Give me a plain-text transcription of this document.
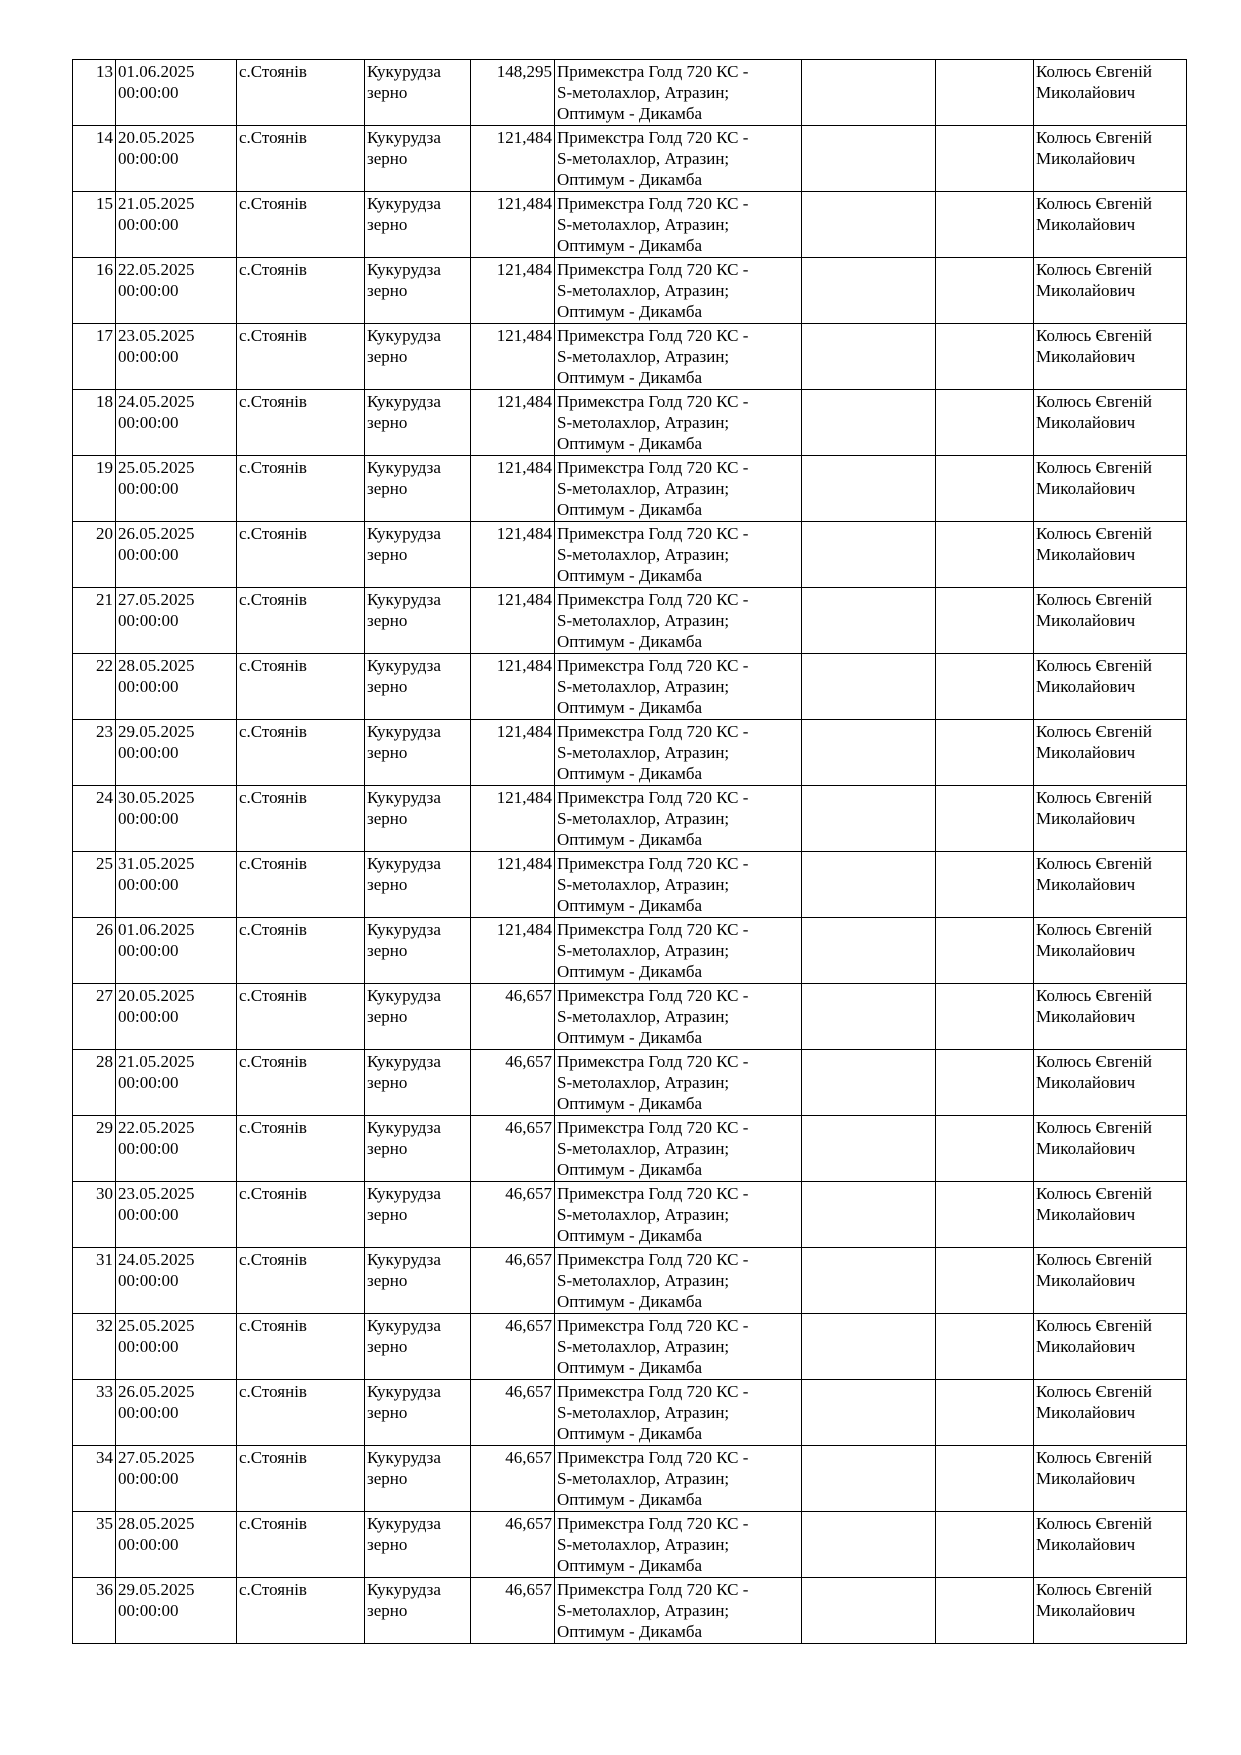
13	01.06.2025
00:00:00	с.Стоянів	Кукурудза
зерно	148,295	Примекстра Голд 720 КС -
S-метолахлор, Атразин;
Оптимум - Дикамба			Колюсь Євгеній
Миколайович

14	20.05.2025
00:00:00	с.Стоянів	Кукурудза
зерно	121,484	Примекстра Голд 720 КС -
S-метолахлор, Атразин;
Оптимум - Дикамба			Колюсь Євгеній
Миколайович

15	21.05.2025
00:00:00	с.Стоянів	Кукурудза
зерно	121,484	Примекстра Голд 720 КС -
S-метолахлор, Атразин;
Оптимум - Дикамба			Колюсь Євгеній
Миколайович

16	22.05.2025
00:00:00	с.Стоянів	Кукурудза
зерно	121,484	Примекстра Голд 720 КС -
S-метолахлор, Атразин;
Оптимум - Дикамба			Колюсь Євгеній
Миколайович

17	23.05.2025
00:00:00	с.Стоянів	Кукурудза
зерно	121,484	Примекстра Голд 720 КС -
S-метолахлор, Атразин;
Оптимум - Дикамба			Колюсь Євгеній
Миколайович

18	24.05.2025
00:00:00	с.Стоянів	Кукурудза
зерно	121,484	Примекстра Голд 720 КС -
S-метолахлор, Атразин;
Оптимум - Дикамба			Колюсь Євгеній
Миколайович

19	25.05.2025
00:00:00	с.Стоянів	Кукурудза
зерно	121,484	Примекстра Голд 720 КС -
S-метолахлор, Атразин;
Оптимум - Дикамба			Колюсь Євгеній
Миколайович

20	26.05.2025
00:00:00	с.Стоянів	Кукурудза
зерно	121,484	Примекстра Голд 720 КС -
S-метолахлор, Атразин;
Оптимум - Дикамба			Колюсь Євгеній
Миколайович

21	27.05.2025
00:00:00	с.Стоянів	Кукурудза
зерно	121,484	Примекстра Голд 720 КС -
S-метолахлор, Атразин;
Оптимум - Дикамба			Колюсь Євгеній
Миколайович

22	28.05.2025
00:00:00	с.Стоянів	Кукурудза
зерно	121,484	Примекстра Голд 720 КС -
S-метолахлор, Атразин;
Оптимум - Дикамба			Колюсь Євгеній
Миколайович

23	29.05.2025
00:00:00	с.Стоянів	Кукурудза
зерно	121,484	Примекстра Голд 720 КС -
S-метолахлор, Атразин;
Оптимум - Дикамба			Колюсь Євгеній
Миколайович

24	30.05.2025
00:00:00	с.Стоянів	Кукурудза
зерно	121,484	Примекстра Голд 720 КС -
S-метолахлор, Атразин;
Оптимум - Дикамба			Колюсь Євгеній
Миколайович

25	31.05.2025
00:00:00	с.Стоянів	Кукурудза
зерно	121,484	Примекстра Голд 720 КС -
S-метолахлор, Атразин;
Оптимум - Дикамба			Колюсь Євгеній
Миколайович

26	01.06.2025
00:00:00	с.Стоянів	Кукурудза
зерно	121,484	Примекстра Голд 720 КС -
S-метолахлор, Атразин;
Оптимум - Дикамба			Колюсь Євгеній
Миколайович

27	20.05.2025
00:00:00	с.Стоянів	Кукурудза
зерно	46,657	Примекстра Голд 720 КС -
S-метолахлор, Атразин;
Оптимум - Дикамба			Колюсь Євгеній
Миколайович

28	21.05.2025
00:00:00	с.Стоянів	Кукурудза
зерно	46,657	Примекстра Голд 720 КС -
S-метолахлор, Атразин;
Оптимум - Дикамба			Колюсь Євгеній
Миколайович

29	22.05.2025
00:00:00	с.Стоянів	Кукурудза
зерно	46,657	Примекстра Голд 720 КС -
S-метолахлор, Атразин;
Оптимум - Дикамба			Колюсь Євгеній
Миколайович

30	23.05.2025
00:00:00	с.Стоянів	Кукурудза
зерно	46,657	Примекстра Голд 720 КС -
S-метолахлор, Атразин;
Оптимум - Дикамба			Колюсь Євгеній
Миколайович

31	24.05.2025
00:00:00	с.Стоянів	Кукурудза
зерно	46,657	Примекстра Голд 720 КС -
S-метолахлор, Атразин;
Оптимум - Дикамба			Колюсь Євгеній
Миколайович

32	25.05.2025
00:00:00	с.Стоянів	Кукурудза
зерно	46,657	Примекстра Голд 720 КС -
S-метолахлор, Атразин;
Оптимум - Дикамба			Колюсь Євгеній
Миколайович

33	26.05.2025
00:00:00	с.Стоянів	Кукурудза
зерно	46,657	Примекстра Голд 720 КС -
S-метолахлор, Атразин;
Оптимум - Дикамба			Колюсь Євгеній
Миколайович

34	27.05.2025
00:00:00	с.Стоянів	Кукурудза
зерно	46,657	Примекстра Голд 720 КС -
S-метолахлор, Атразин;
Оптимум - Дикамба			Колюсь Євгеній
Миколайович

35	28.05.2025
00:00:00	с.Стоянів	Кукурудза
зерно	46,657	Примекстра Голд 720 КС -
S-метолахлор, Атразин;
Оптимум - Дикамба			Колюсь Євгеній
Миколайович

36	29.05.2025
00:00:00	с.Стоянів	Кукурудза
зерно	46,657	Примекстра Голд 720 КС -
S-метолахлор, Атразин;
Оптимум - Дикамба			Колюсь Євгеній
Миколайович
